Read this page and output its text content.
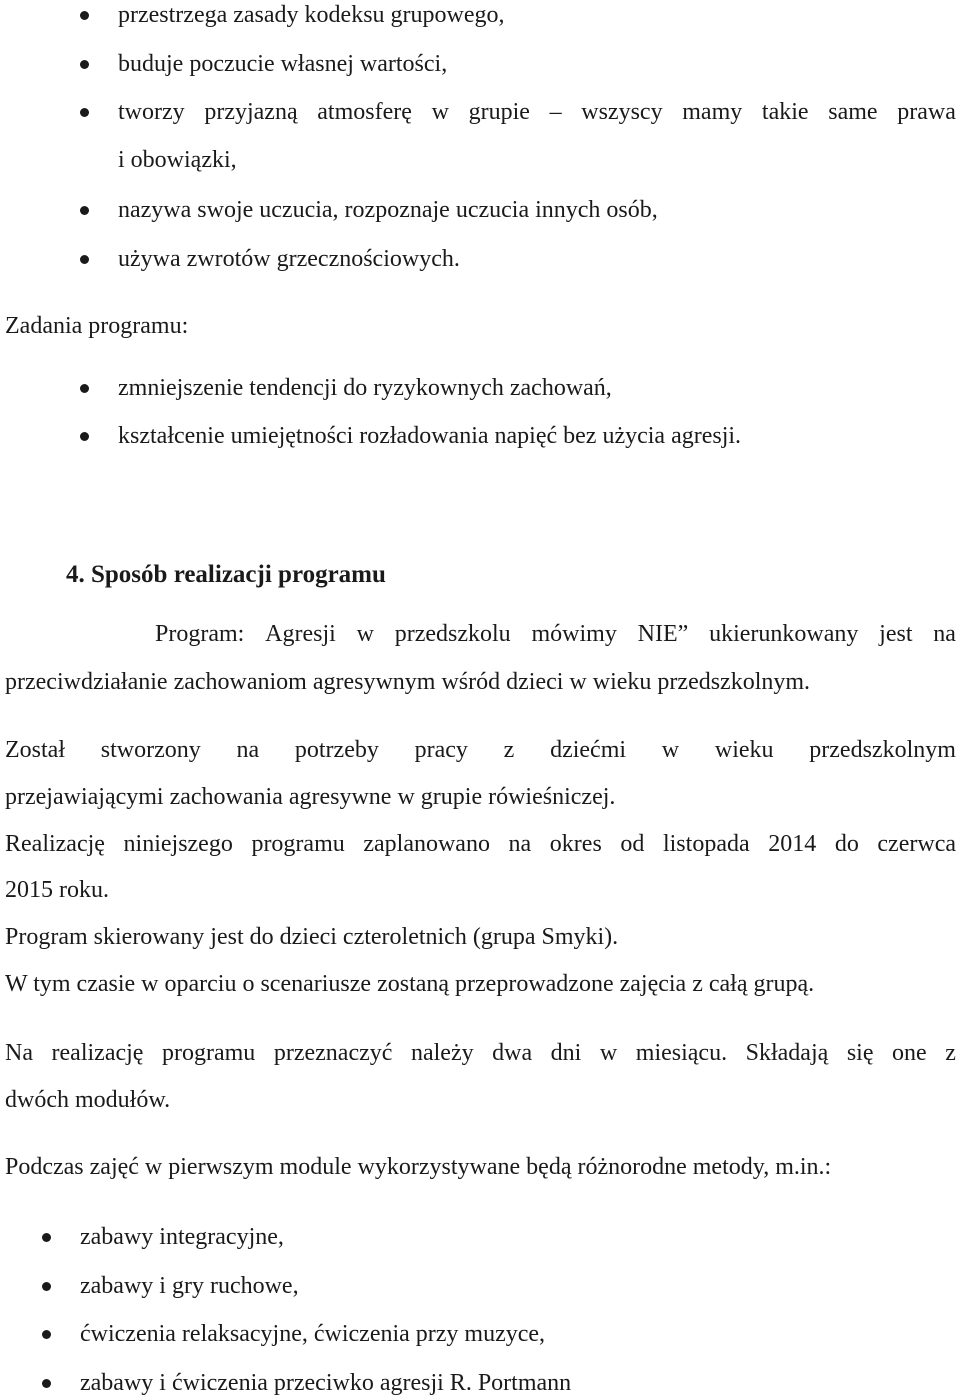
przestrzega zasady kodeksu grupowego,
buduje poczucie własnej wartości,
tworzy przyjazną atmosferę w grupie – wszyscy mamy takie same prawa
i obowiązki,
nazywa swoje uczucia, rozpoznaje uczucia innych osób,
używa zwrotów grzecznościowych.
Zadania programu:
zmniejszenie tendencji do ryzykownych zachowań,
kształcenie umiejętności rozładowania napięć bez użycia agresji.
4. Sposób realizacji programu
Program: Agresji w przedszkolu mówimy NIE” ukierunkowany jest na
przeciwdziałanie zachowaniom agresywnym wśród dzieci w wieku przedszkolnym.
Został stworzony na potrzeby pracy z dziećmi w wieku przedszkolnym
przejawiającymi zachowania agresywne w grupie rówieśniczej.
Realizację niniejszego programu zaplanowano na okres od listopada 2014 do czerwca
2015 roku.
Program skierowany jest do dzieci czteroletnich (grupa Smyki).
W tym czasie w oparciu o scenariusze zostaną przeprowadzone zajęcia z całą grupą.
Na realizację programu przeznaczyć należy dwa dni w miesiącu. Składają się one z
dwóch modułów.
Podczas zajęć w pierwszym module wykorzystywane będą różnorodne metody, m.in.:
zabawy integracyjne,
zabawy i gry ruchowe,
ćwiczenia relaksacyjne, ćwiczenia przy muzyce,
zabawy i ćwiczenia przeciwko agresji R. Portmann
